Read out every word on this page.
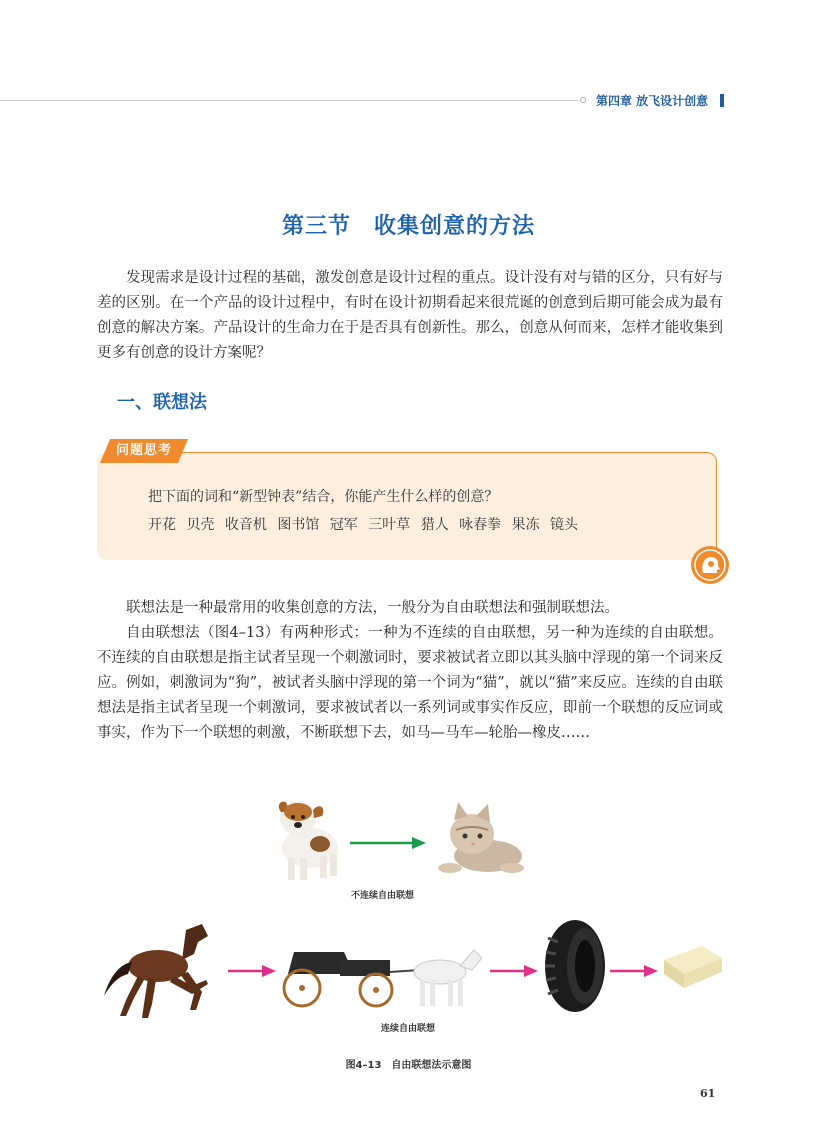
第四章 放飞设计创意
第三节　收集创意的方法
发现需求是设计过程的基础，激发创意是设计过程的重点。设计没有对与错的区分，只有好与差的区别。在一个产品的设计过程中，有时在设计初期看起来很荒诞的创意到后期可能会成为最有创意的解决方案。产品设计的生命力在于是否具有创新性。那么，创意从何而来，怎样才能收集到更多有创意的设计方案呢？
一、联想法
问题思考
把下面的词和“新型钟表”结合，你能产生什么样的创意？
开花 贝壳 收音机 图书馆 冠军 三叶草 猎人 咏春拳 果冻 镜头
联想法是一种最常用的收集创意的方法，一般分为自由联想法和强制联想法。
自由联想法（图4–13）有两种形式：一种为不连续的自由联想，另一种为连续的自由联想。不连续的自由联想是指主试者呈现一个刺激词时，要求被试者立即以其头脑中浮现的第一个词来反应。例如，刺激词为“狗”，被试者头脑中浮现的第一个词为“猫”，就以“猫”来反应。连续的自由联想法是指主试者呈现一个刺激词，要求被试者以一系列词或事实作反应，即前一个联想的反应词或事实，作为下一个联想的刺激，不断联想下去，如马—马车—轮胎—橡皮……
不连续自由联想
连续自由联想
图4–13　自由联想法示意图
61
